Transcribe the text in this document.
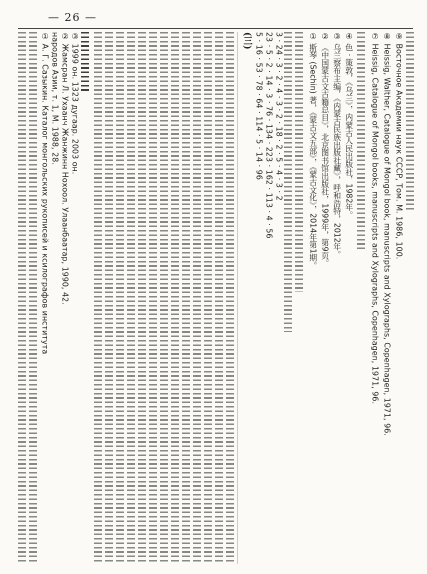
— 26 —
① А. Г. Сазыкин. Каталог монгольских рукописей и ксилографов института народов Азии, т. 1, М. 1988, 28. ② Жамсран Л. Ухаанч Жанжинн Нохоол. Улаанбаатар, 1990, 42. ③ 1999 он. 1323 дугаар. 2003 он.	(三) 5 · 16 · 53 · 78 · 64 · 114 · 5 · 14 · 96 23 · 5 · 2 · 14 · 3 · 76 · 134 · 223 · 162 · 113 · 4 · 56 3 · 24 · 3 · 2 · 4 · 3 · 2 · 18 · 2 · 5 · 4 · 3 · 2	① 斯琴 (Sechin) 著，《蒙古文五部》，《蒙古文化》，2014年第1期。 ② 《中国蒙古文古籍总目》，北京图书馆出版社，1999年，第9页。 ③ 乌兰察布主编，《内蒙古民族出版社藏》，呼和浩特，2012年。 ④ 色 · 策敦，《乌兰》，内蒙古人民出版社，1982年。 ⑦ Heissig, Catalogue of Mongol books, manuscripts and Xylographs, Copenhagen, 1971, 96. ⑧ Heissig, Walther, Catalogue of Mongol book, manuscripts and Xylographs, Copenhagen, 1971, 96. ⑨ Восточное Академии наук СССР, Том. М. 1986, 100.
